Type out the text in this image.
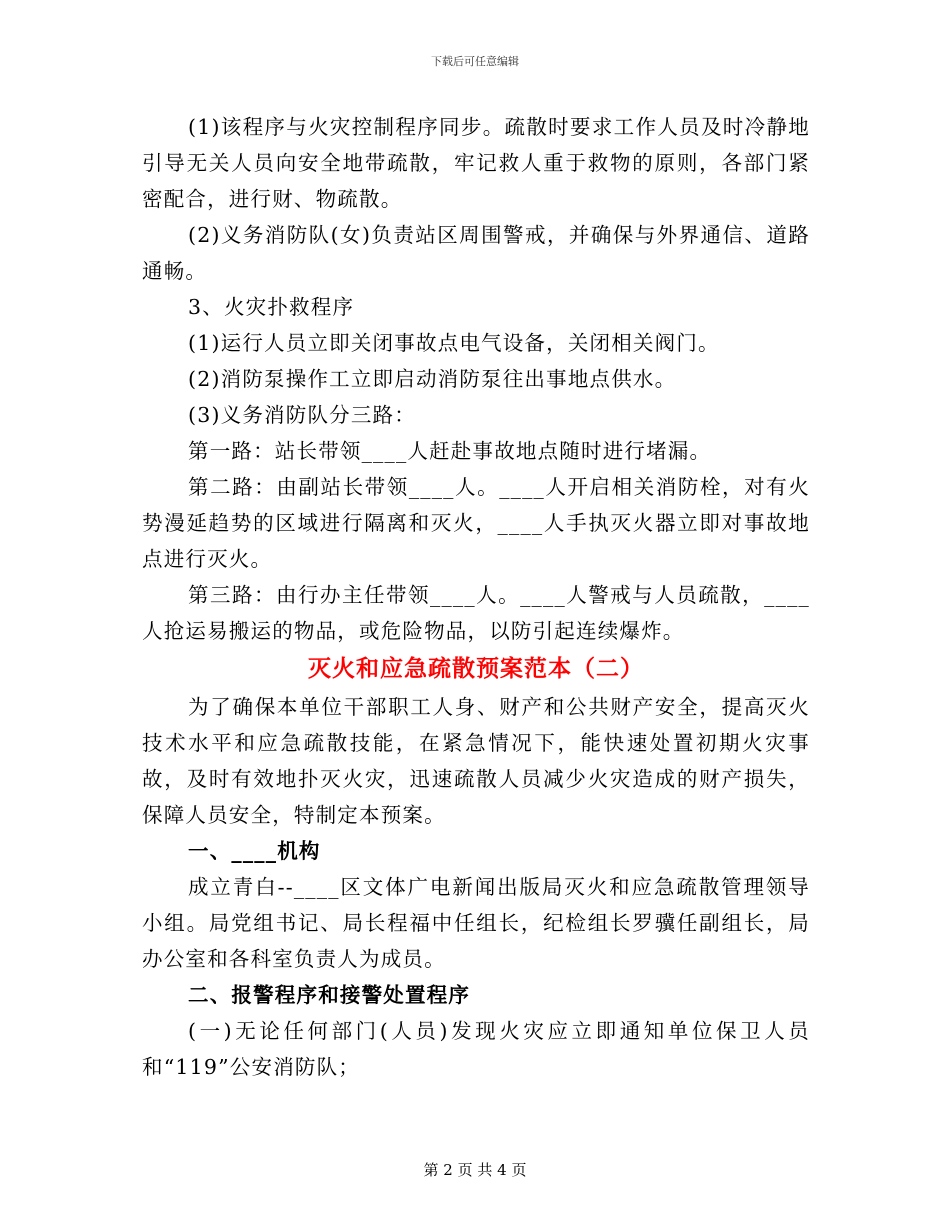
下载后可任意编辑

(1)该程序与火灾控制程序同步。疏散时要求工作人员及时冷静地引导无关人员向安全地带疏散，牢记救人重于救物的原则，各部门紧密配合，进行财、物疏散。

(2)义务消防队(女)负责站区周围警戒，并确保与外界通信、道路通畅。

3、火灾扑救程序

(1)运行人员立即关闭事故点电气设备，关闭相关阀门。

(2)消防泵操作工立即启动消防泵往出事地点供水。

(3)义务消防队分三路：

第一路：站长带领____人赶赴事故地点随时进行堵漏。

第二路：由副站长带领____人。____人开启相关消防栓，对有火势漫延趋势的区域进行隔离和灭火，____人手执灭火器立即对事故地点进行灭火。

第三路：由行办主任带领____人。____人警戒与人员疏散，____人抢运易搬运的物品，或危险物品，以防引起连续爆炸。

灭火和应急疏散预案范本（二）

为了确保本单位干部职工人身、财产和公共财产安全，提高灭火技术水平和应急疏散技能，在紧急情况下，能快速处置初期火灾事故，及时有效地扑灭火灾，迅速疏散人员减少火灾造成的财产损失，保障人员安全，特制定本预案。

一、____机构

成立青白--____区文体广电新闻出版局灭火和应急疏散管理领导小组。局党组书记、局长程福中任组长，纪检组长罗骥任副组长，局办公室和各科室负责人为成员。

二、报警程序和接警处置程序

(一)无论任何部门(人员)发现火灾应立即通知单位保卫人员和“119”公安消防队；

第 2 页 共 4 页
